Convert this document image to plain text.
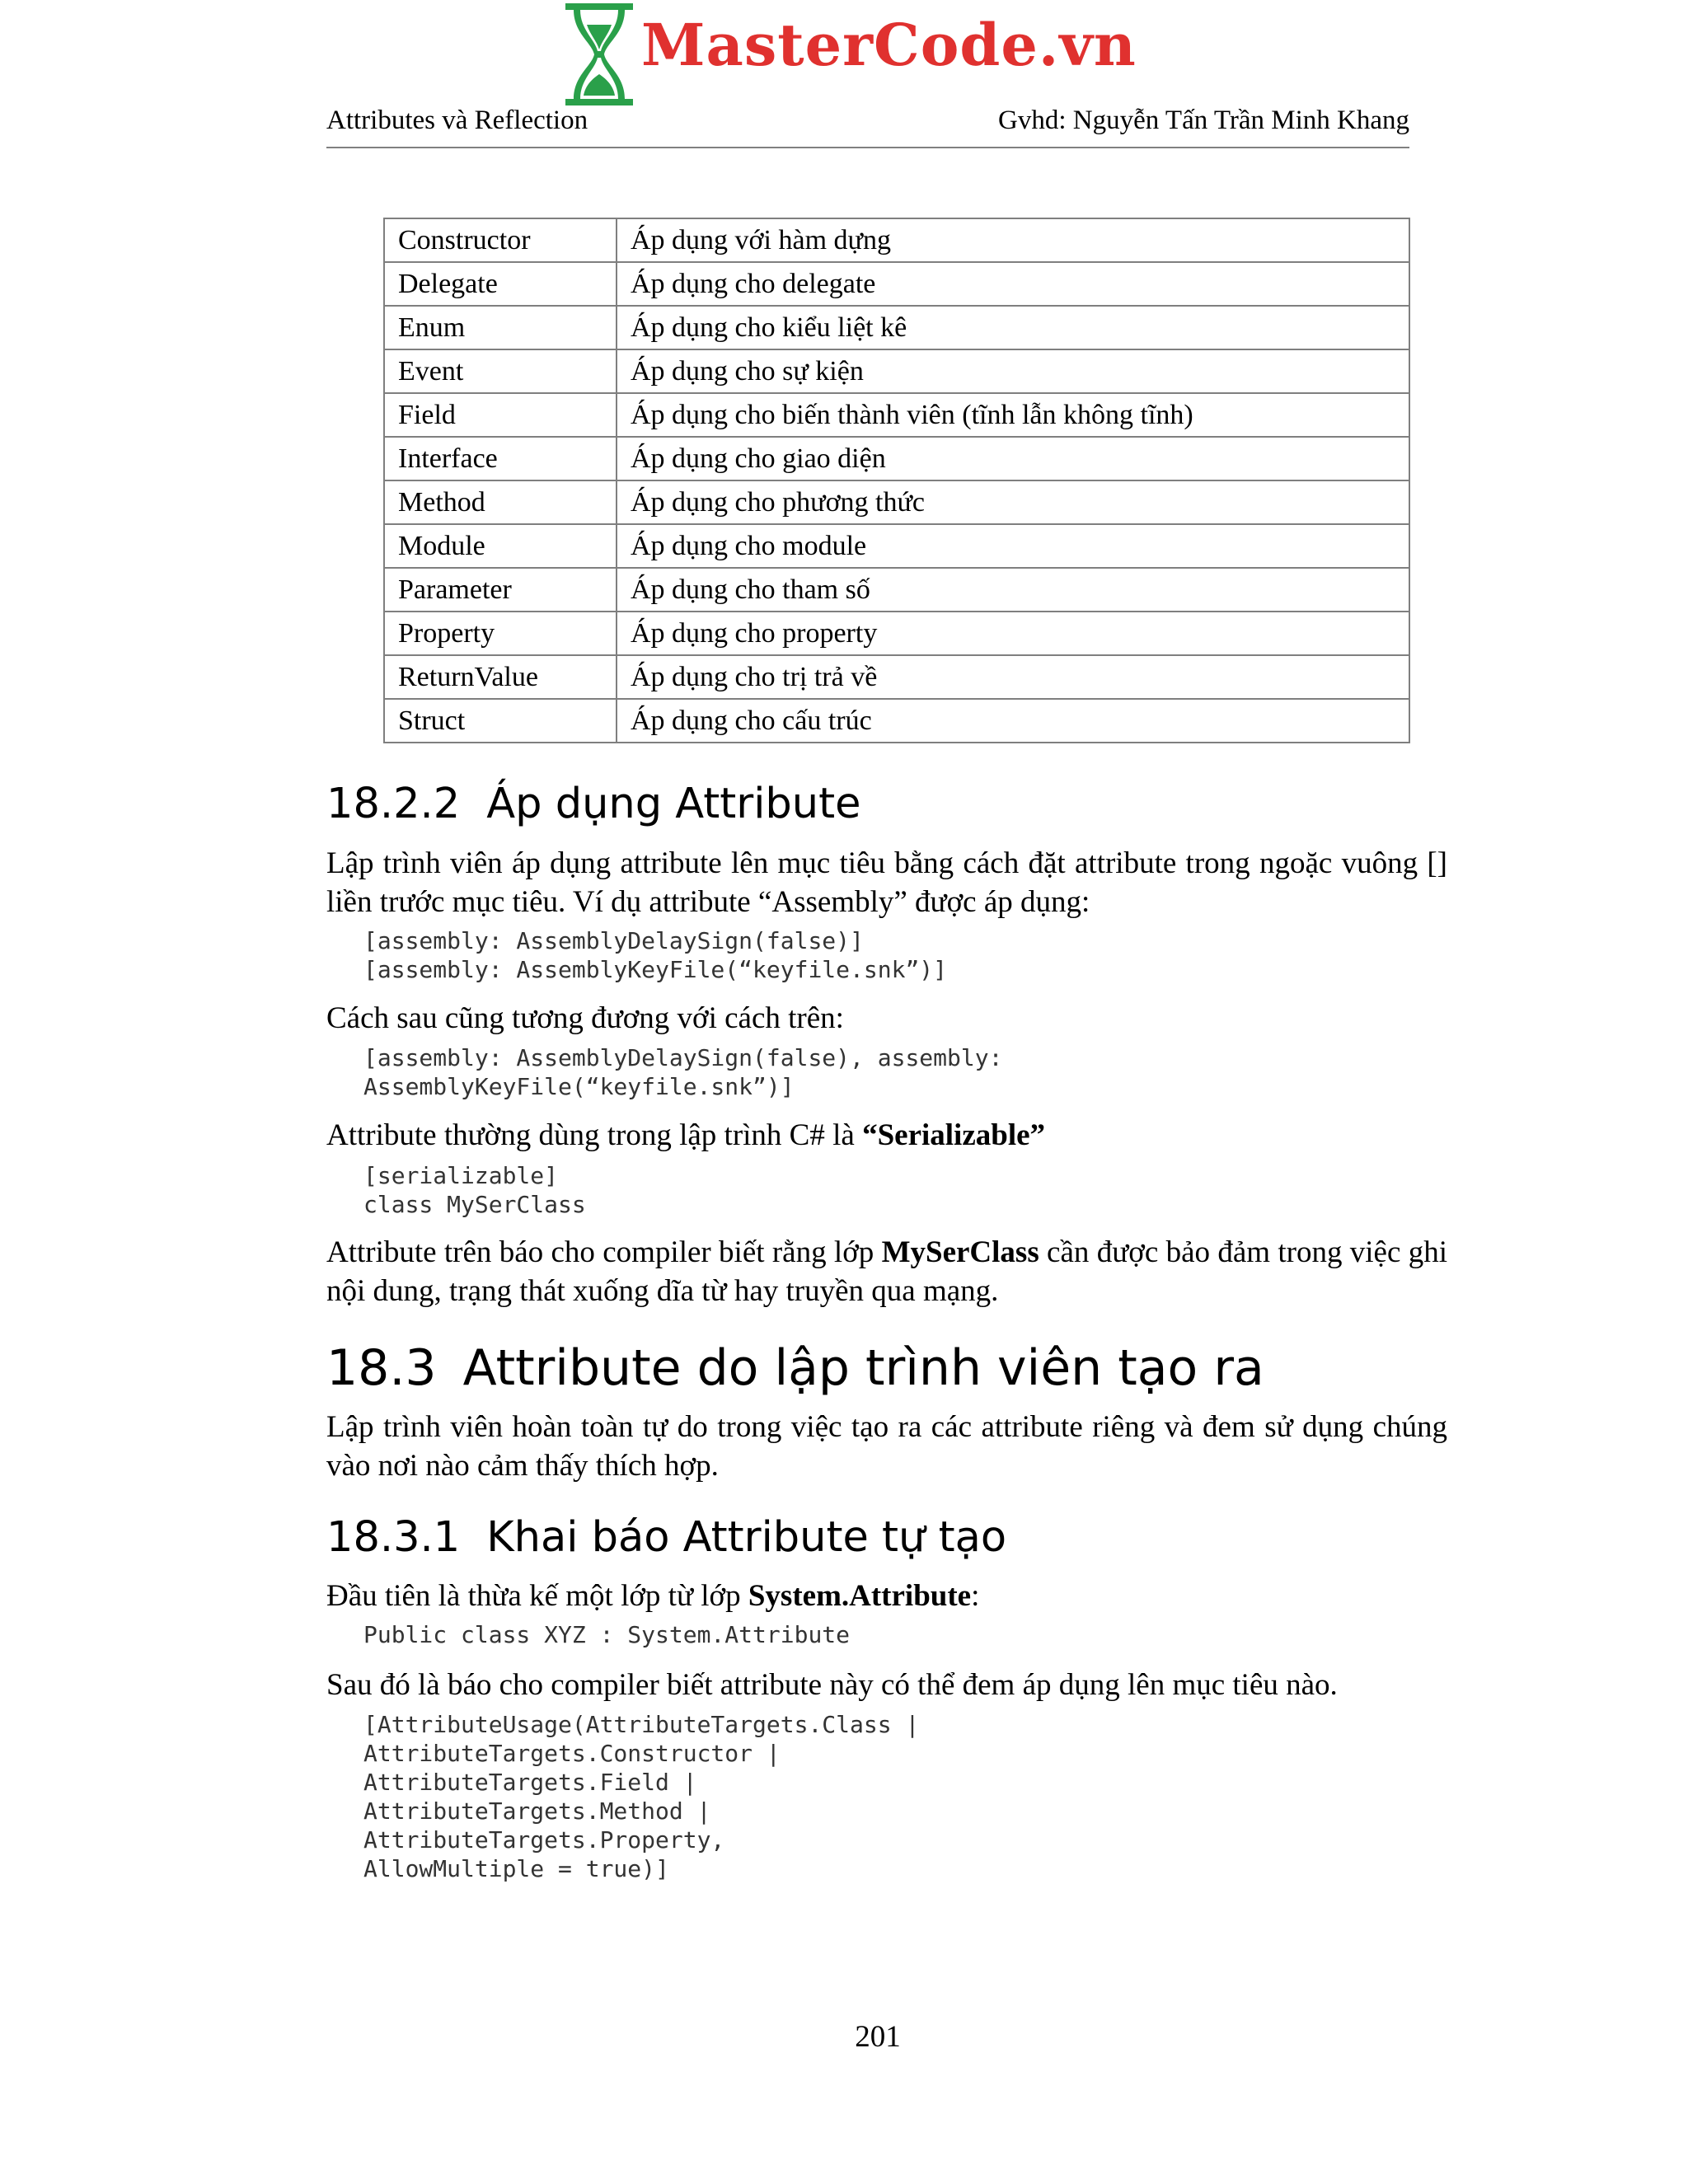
MasterCode.vn
Attributes và Reflection	Gvhd: Nguyễn Tấn Trần Minh Khang
Constructor	Áp dụng với hàm dựng
Delegate	Áp dụng cho delegate
Enum	Áp dụng cho kiểu liệt kê
Event	Áp dụng cho sự kiện
Field	Áp dụng cho biến thành viên (tĩnh lẫn không tĩnh)
Interface	Áp dụng cho giao diện
Method	Áp dụng cho phương thức
Module	Áp dụng cho module
Parameter	Áp dụng cho tham số
Property	Áp dụng cho property
ReturnValue	Áp dụng cho trị trả về
Struct	Áp dụng cho cấu trúc
18.2.2 Áp dụng Attribute

Lập trình viên áp dụng attribute lên mục tiêu bằng cách đặt attribute trong ngoặc vuông [] liền trước mục tiêu. Ví dụ attribute “Assembly” được áp dụng:

[assembly: AssemblyDelaySign(false)]
[assembly: AssemblyKeyFile(“keyfile.snk”)]

Cách sau cũng tương đương với cách trên:

[assembly: AssemblyDelaySign(false), assembly:
AssemblyKeyFile(“keyfile.snk”)]

Attribute thường dùng trong lập trình C# là “Serializable”

[serializable]
class MySerClass

Attribute trên báo cho compiler biết rằng lớp MySerClass cần được bảo đảm trong việc ghi nội dung, trạng thát xuống dĩa từ hay truyền qua mạng.

18.3 Attribute do lập trình viên tạo ra

Lập trình viên hoàn toàn tự do trong việc tạo ra các attribute riêng và đem sử dụng chúng vào nơi nào cảm thấy thích hợp.

18.3.1 Khai báo Attribute tự tạo

Đầu tiên là thừa kế một lớp từ lớp System.Attribute:

Public class XYZ : System.Attribute

Sau đó là báo cho compiler biết attribute này có thể đem áp dụng lên mục tiêu nào.

[AttributeUsage(AttributeTargets.Class |
AttributeTargets.Constructor |
AttributeTargets.Field |
AttributeTargets.Method |
AttributeTargets.Property,
AllowMultiple = true)]
201
